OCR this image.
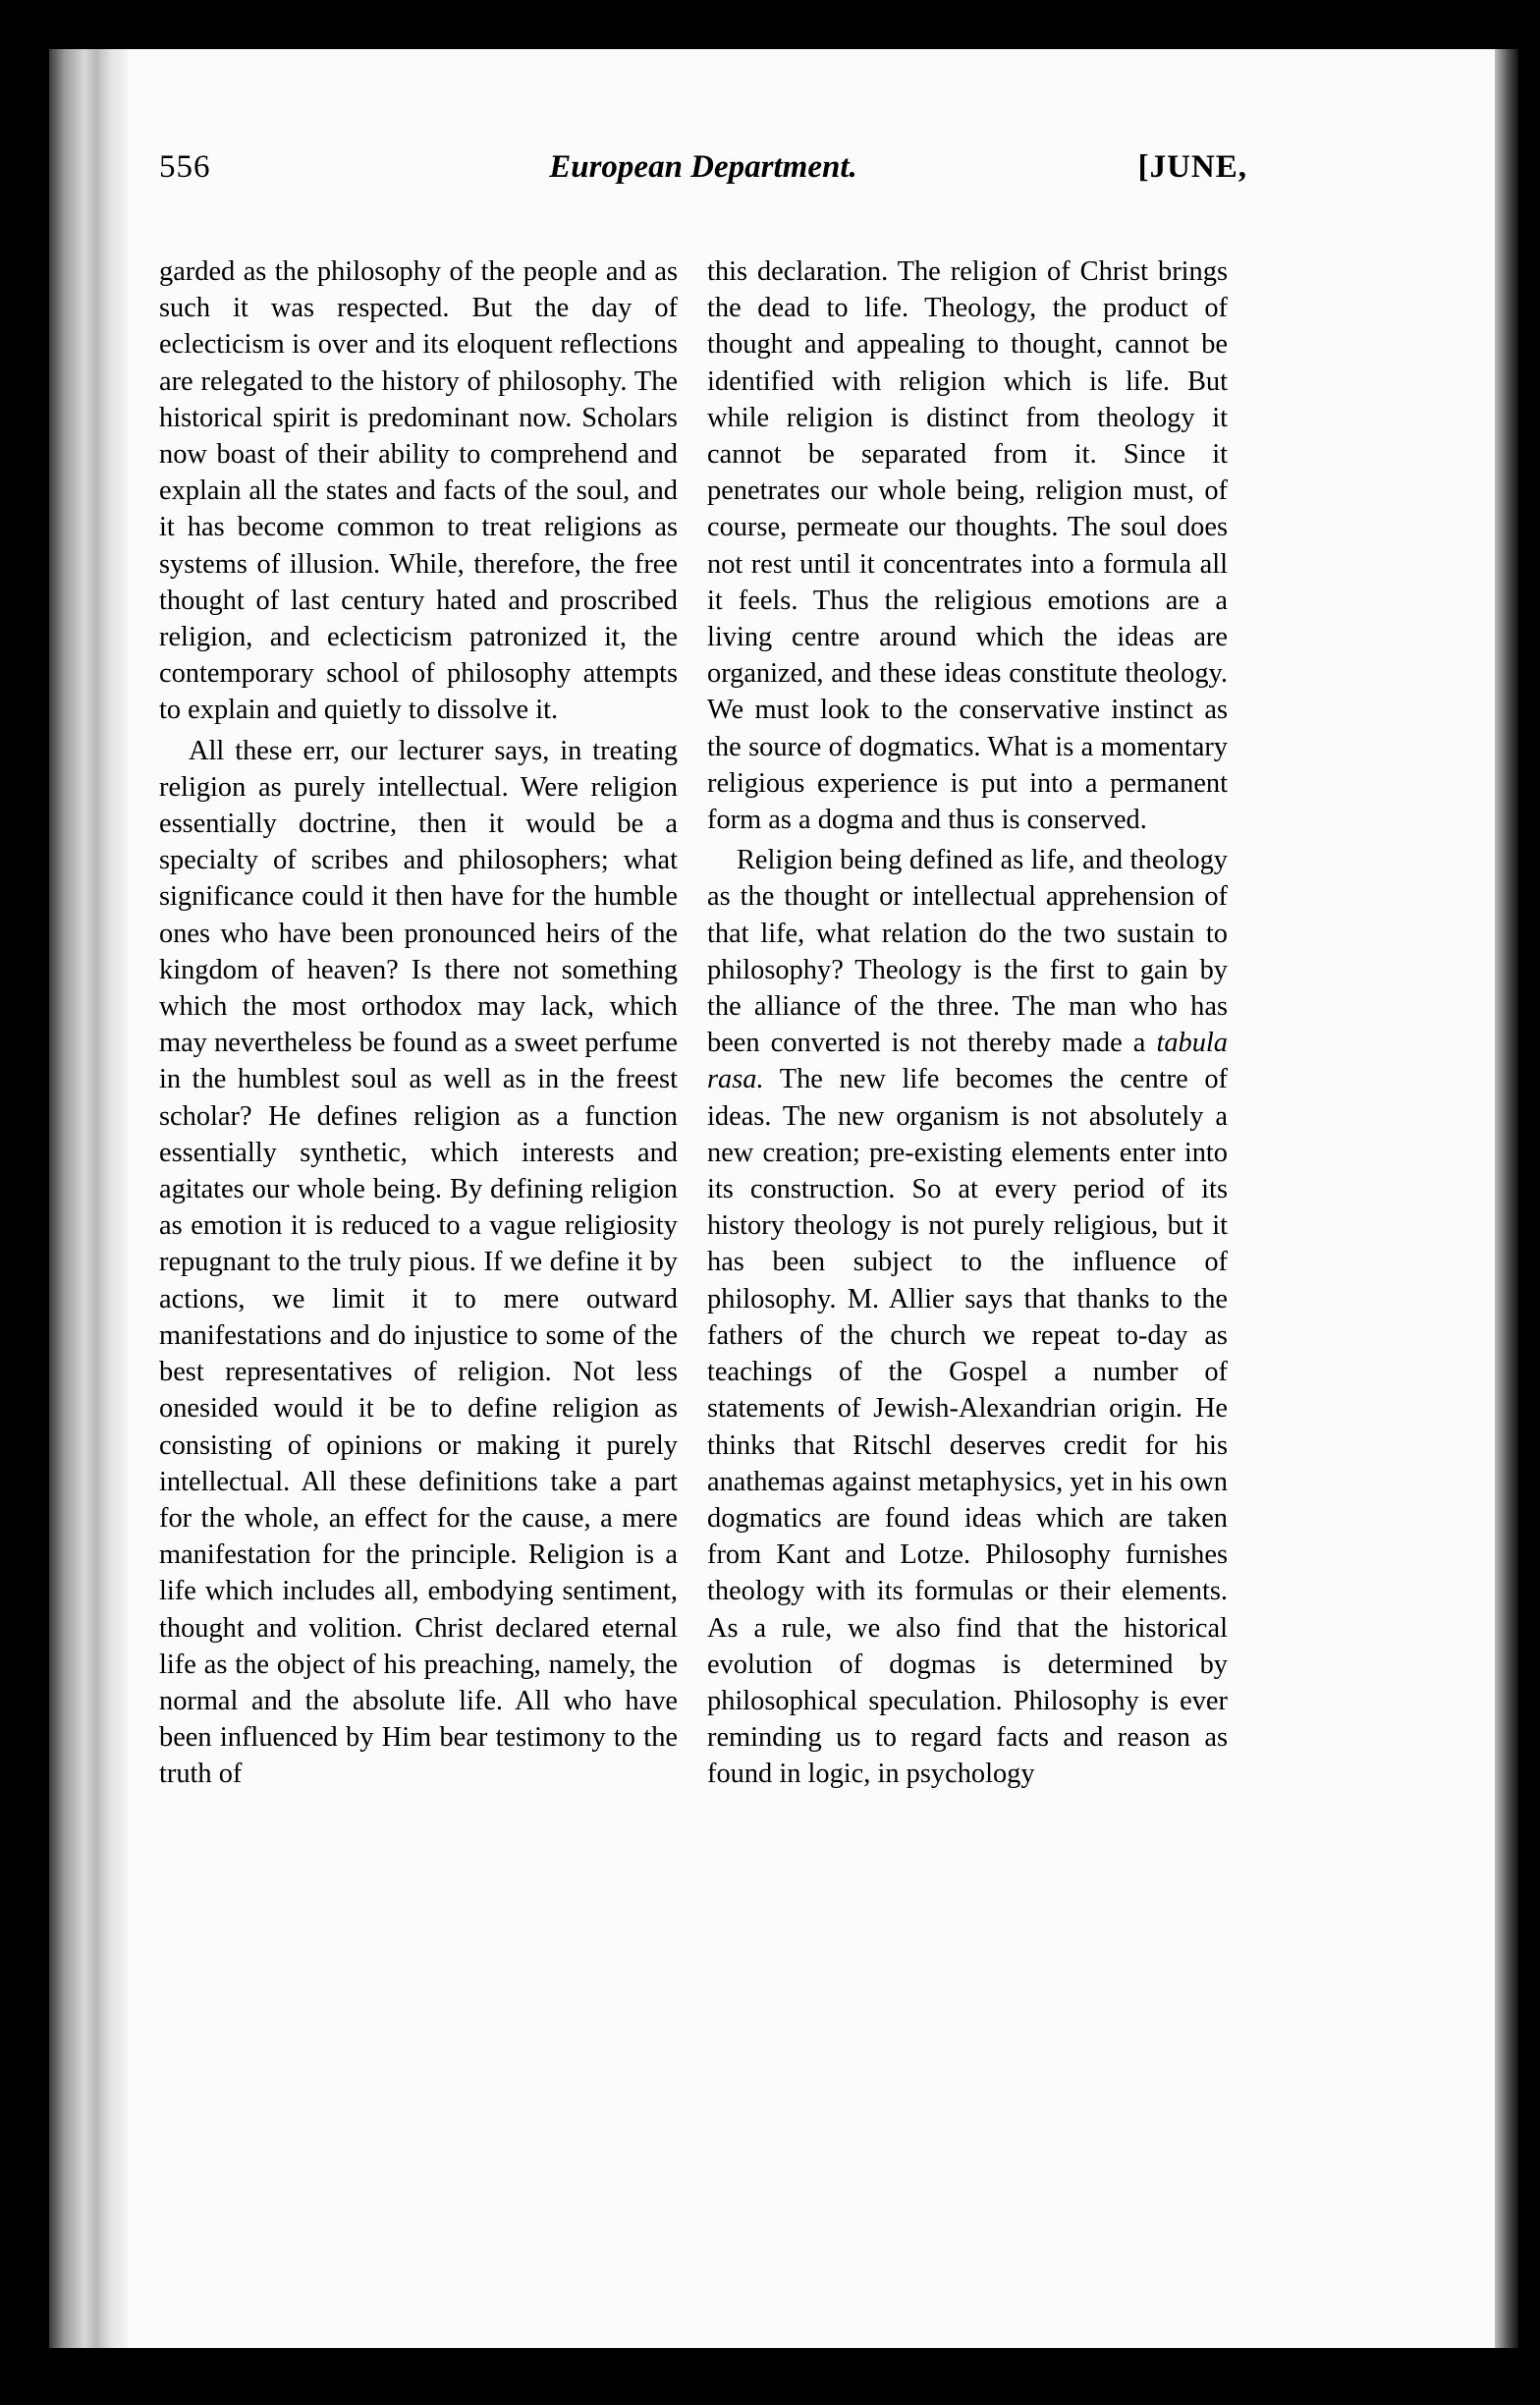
556	European Department.	[JUNE,

garded as the philosophy of the people and as such it was respected. But the day of eclecticism is over and its eloquent reflections are relegated to the history of philosophy. The historical spirit is predominant now. Scholars now boast of their ability to comprehend and explain all the states and facts of the soul, and it has become common to treat religions as systems of illusion. While, therefore, the free thought of last century hated and proscribed religion, and eclecticism patronized it, the contemporary school of philosophy attempts to explain and quietly to dissolve it.

All these err, our lecturer says, in treating religion as purely intellectual. Were religion essentially doctrine, then it would be a specialty of scribes and philosophers; what significance could it then have for the humble ones who have been pronounced heirs of the kingdom of heaven? Is there not something which the most orthodox may lack, which may nevertheless be found as a sweet perfume in the humblest soul as well as in the freest scholar? He defines religion as a function essentially synthetic, which interests and agitates our whole being. By defining religion as emotion it is reduced to a vague religiosity repugnant to the truly pious. If we define it by actions, we limit it to mere outward manifestations and do injustice to some of the best representatives of religion. Not less onesided would it be to define religion as consisting of opinions or making it purely intellectual. All these definitions take a part for the whole, an effect for the cause, a mere manifestation for the principle. Religion is a life which includes all, embodying sentiment, thought and volition. Christ declared eternal life as the object of his preaching, namely, the normal and the absolute life. All who have been influenced by Him bear testimony to the truth of

this declaration. The religion of Christ brings the dead to life. Theology, the product of thought and appealing to thought, cannot be identified with religion which is life. But while religion is distinct from theology it cannot be separated from it. Since it penetrates our whole being, religion must, of course, permeate our thoughts. The soul does not rest until it concentrates into a formula all it feels. Thus the religious emotions are a living centre around which the ideas are organized, and these ideas constitute theology. We must look to the conservative instinct as the source of dogmatics. What is a momentary religious experience is put into a permanent form as a dogma and thus is conserved.

Religion being defined as life, and theology as the thought or intellectual apprehension of that life, what relation do the two sustain to philosophy? Theology is the first to gain by the alliance of the three. The man who has been converted is not thereby made a tabula rasa. The new life becomes the centre of ideas. The new organism is not absolutely a new creation; pre-existing elements enter into its construction. So at every period of its history theology is not purely religious, but it has been subject to the influence of philosophy. M. Allier says that thanks to the fathers of the church we repeat to-day as teachings of the Gospel a number of statements of Jewish-Alexandrian origin. He thinks that Ritschl deserves credit for his anathemas against metaphysics, yet in his own dogmatics are found ideas which are taken from Kant and Lotze. Philosophy furnishes theology with its formulas or their elements. As a rule, we also find that the historical evolution of dogmas is determined by philosophical speculation. Philosophy is ever reminding us to regard facts and reason as found in logic, in psychology
